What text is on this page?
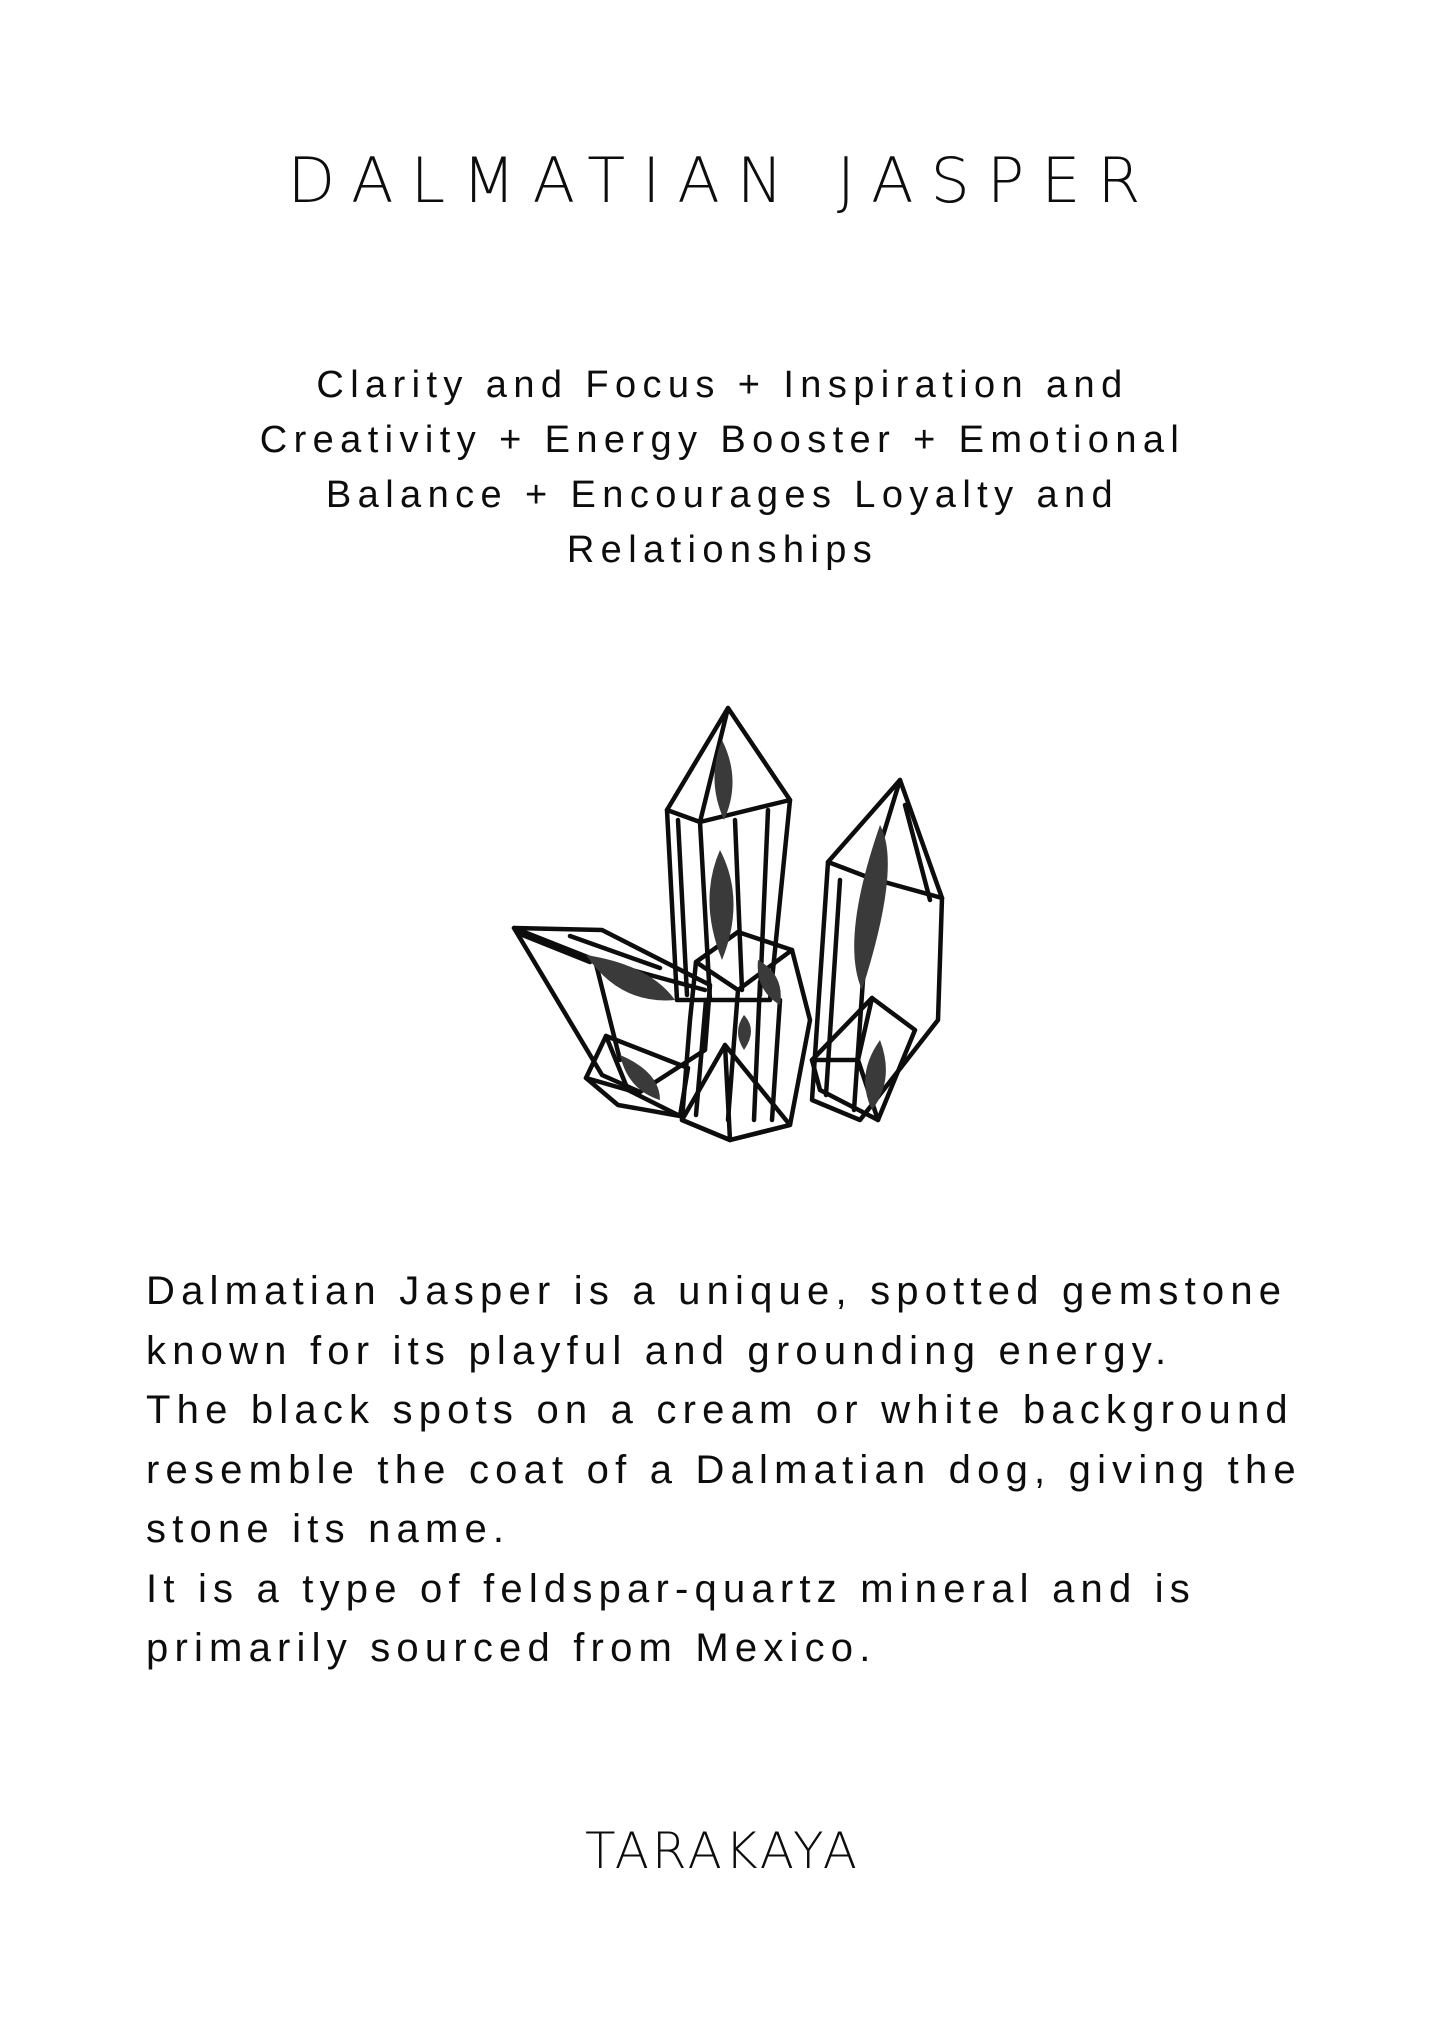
DALMATIAN JASPER

Clarity and Focus + Inspiration and Creativity + Energy Booster + Emotional Balance + Encourages Loyalty and Relationships

Dalmatian Jasper is a unique, spotted gemstone known for its playful and grounding energy.

The black spots on a cream or white background resemble the coat of a Dalmatian dog, giving the stone its name.

It is a type of feldspar-quartz mineral and is primarily sourced from Mexico.

TARAKAYA
